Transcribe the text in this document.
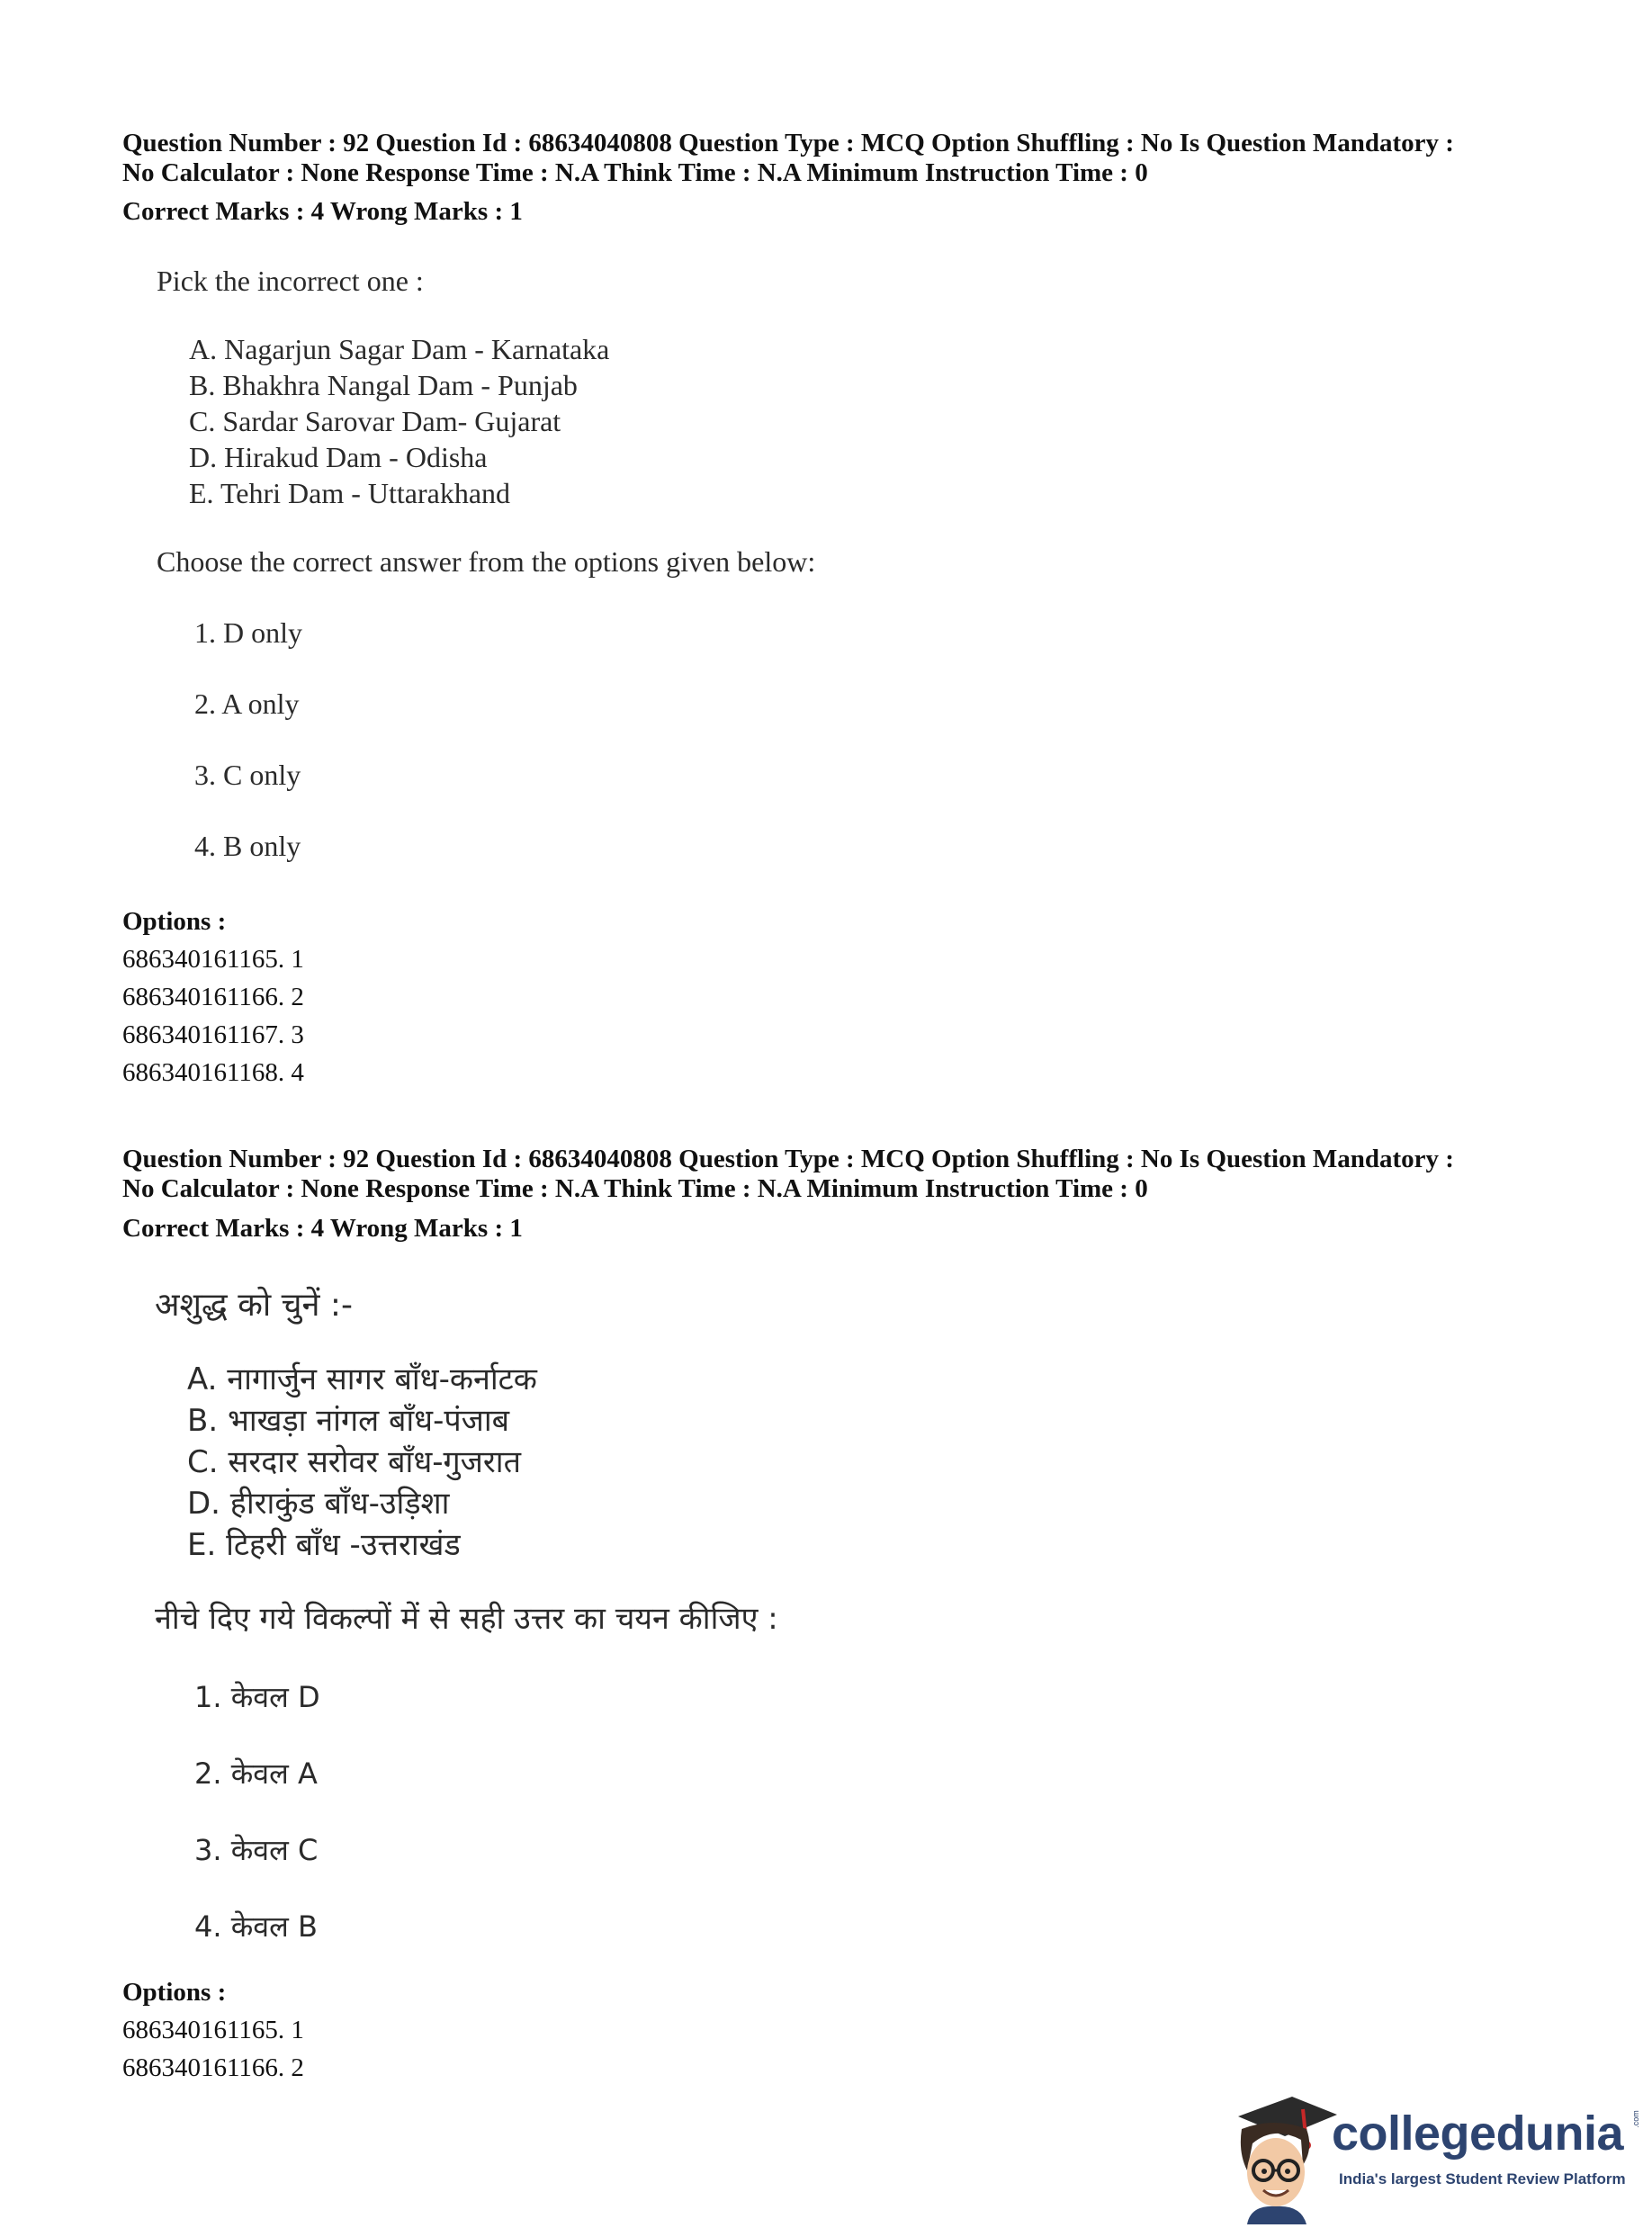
Question Number : 92 Question Id : 68634040808 Question Type : MCQ Option Shuffling : No Is Question Mandatory :

No Calculator : None Response Time : N.A Think Time : N.A Minimum Instruction Time : 0

Correct Marks : 4 Wrong Marks : 1

Pick the incorrect one :

A. Nagarjun Sagar Dam - Karnataka

B. Bhakhra Nangal Dam - Punjab

C. Sardar Sarovar Dam- Gujarat

D. Hirakud Dam - Odisha

E. Tehri Dam - Uttarakhand

Choose the correct answer from the options given below:

1. D only

2. A only

3. C only

4. B only

Options :

686340161165. 1

686340161166. 2

686340161167. 3

686340161168. 4

Question Number : 92 Question Id : 68634040808 Question Type : MCQ Option Shuffling : No Is Question Mandatory :

No Calculator : None Response Time : N.A Think Time : N.A Minimum Instruction Time : 0

Correct Marks : 4 Wrong Marks : 1

अशुद्ध को चुनें :-

A. नागार्जुन सागर बाँध-कर्नाटक

B. भाखड़ा नांगल बाँध-पंजाब

C. सरदार सरोवर बाँध-गुजरात

D. हीराकुंड बाँध-उड़िशा

E. टिहरी बाँध -उत्तराखंड

नीचे दिए गये विकल्पों में से सही उत्तर का चयन कीजिए :

1. केवल D

2. केवल A

3. केवल C

4. केवल B

Options :

686340161165. 1

686340161166. 2

collegedunia .com

India's largest Student Review Platform
